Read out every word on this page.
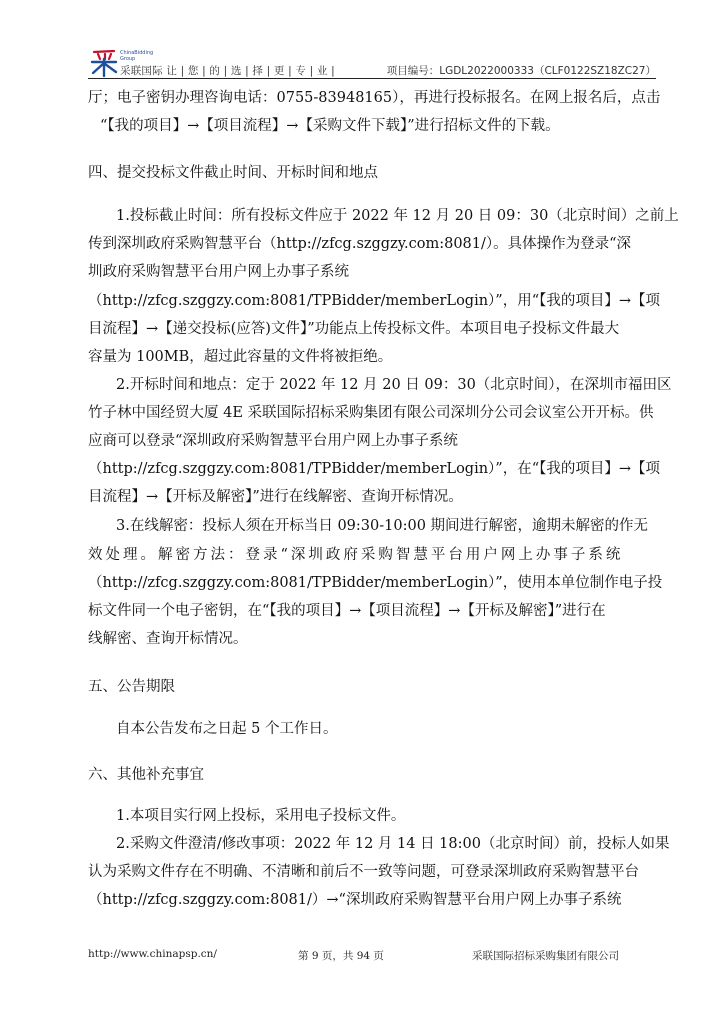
ChinaBidding Group
采联国际 让 | 您 | 的 | 选 | 择 | 更 | 专 | 业 |	项目编号：LGDL2022000333（CLF0122SZ18ZC27）
厅；电子密钥办理咨询电话：0755-83948165），再进行投标报名。在网上报名后，点击
“【我的项目】→【项目流程】→【采购文件下载】”进行招标文件的下载。
四、提交投标文件截止时间、开标时间和地点
1.投标截止时间：所有投标文件应于 2022 年 12 月 20 日 09：30（北京时间）之前上
传到深圳政府采购智慧平台（http://zfcg.szggzy.com:8081/）。具体操作为登录“深
圳政府采购智慧平台用户网上办事子系统
（http://zfcg.szggzy.com:8081/TPBidder/memberLogin）”，用“【我的项目】→【项
目流程】→【递交投标(应答)文件】”功能点上传投标文件。本项目电子投标文件最大
容量为 100MB，超过此容量的文件将被拒绝。
2.开标时间和地点：定于 2022 年 12 月 20 日 09：30（北京时间），在深圳市福田区
竹子林中国经贸大厦 4E 采联国际招标采购集团有限公司深圳分公司会议室公开开标。供
应商可以登录“深圳政府采购智慧平台用户网上办事子系统
（http://zfcg.szggzy.com:8081/TPBidder/memberLogin）”，在“【我的项目】→【项
目流程】→【开标及解密】”进行在线解密、查询开标情况。
3.在线解密：投标人须在开标当日 09:30-10:00 期间进行解密，逾期未解密的作无
效处理。解密方法：登录“深圳政府采购智慧平台用户网上办事子系统
（http://zfcg.szggzy.com:8081/TPBidder/memberLogin）”，使用本单位制作电子投
标文件同一个电子密钥，在“【我的项目】→【项目流程】→【开标及解密】”进行在
线解密、查询开标情况。
五、公告期限
自本公告发布之日起 5 个工作日。
六、其他补充事宜
1.本项目实行网上投标，采用电子投标文件。
2.采购文件澄清/修改事项：2022 年 12 月 14 日 18:00（北京时间）前，投标人如果
认为采购文件存在不明确、不清晰和前后不一致等问题，可登录深圳政府采购智慧平台
（http://zfcg.szggzy.com:8081/）→“深圳政府采购智慧平台用户网上办事子系统
http://www.chinapsp.cn/	第 9 页，共 94 页	采联国际招标采购集团有限公司
